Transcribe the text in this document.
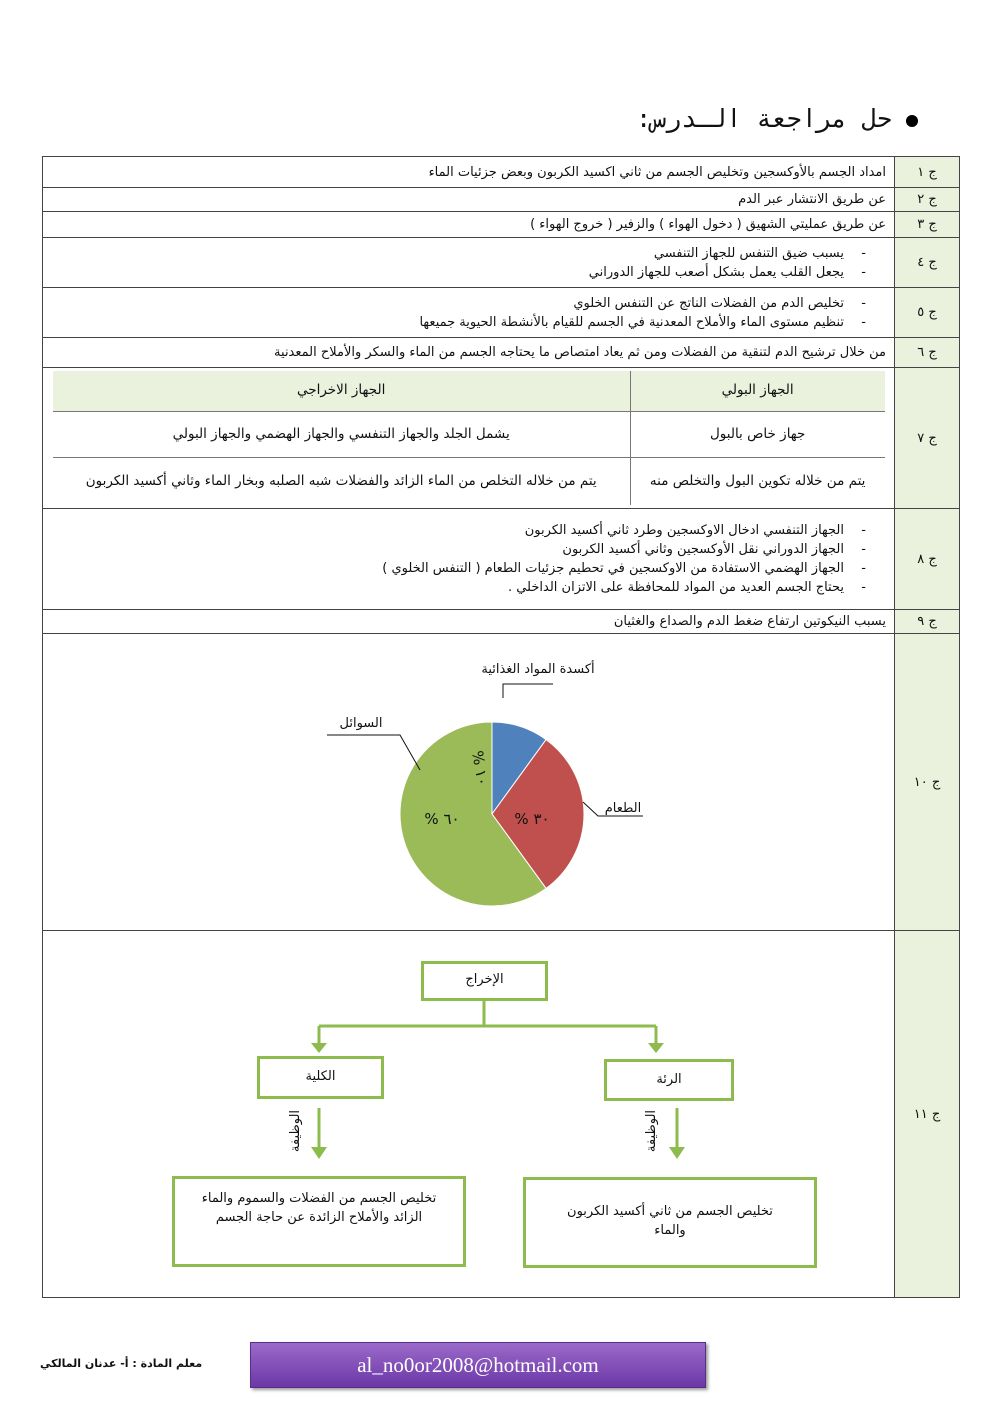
حل مراجعة الـدرس:
ج ١	امداد الجسم بالأوكسجين وتخليص الجسم من ثاني اكسيد الكربون وبعض جزئيات الماء
ج ٢	عن طريق الانتشار عبر الدم
ج ٣	عن طريق عمليتي الشهيق ( دخول الهواء ) والزفير ( خروج الهواء )
ج ٤	
- يسبب ضيق التنفس للجهاز التنفسي
- يجعل القلب يعمل بشكل أصعب للجهاز الدوراني

ج ٥	
- تخليص الدم من الفضلات الناتج عن التنفس الخلوي
- تنظيم مستوى الماء والأملاح المعدنية في الجسم للقيام بالأنشطة الحيوية جميعها

ج ٦	من خلال ترشيح الدم لتنقية من الفضلات ومن ثم يعاد امتصاص ما يحتاجه الجسم من الماء والسكر والأملاح المعدنية
ج ٧	
الجهاز البولي	الجهاز الاخراجي
جهاز خاص بالبول	يشمل الجلد والجهاز التنفسي والجهاز الهضمي والجهاز البولي
يتم من خلاله تكوين البول والتخلص منه	يتم من خلاله التخلص من الماء الزائد والفضلات شبه الصلبه وبخار الماء وثاني أكسيد الكربون

ج ٨	
- الجهاز التنفسي ادخال الاوكسجين وطرد ثاني أكسيد الكربون
- الجهاز الدوراني نقل الأوكسجين وثاني أكسيد الكربون
- الجهاز الهضمي الاستفادة من الاوكسجين في تحطيم جزئيات الطعام ( التنفس الخلوي )
- يحتاج الجسم العديد من المواد للمحافظة على الاتزان الداخلي .

ج ٩	يسبب النيكوتين ارتفاع ضغط الدم والصداع والغثيان
ج ١٠	
١٠ %
أكسدة المواد الغذائية
٣٠ %
الطعام
٦٠ %
السوائل

ج ١١	
الوظيفة	الوظيفة
الإخراج
الكلية	الرئة
تخليص الجسم من الفضلات والسموم والماء الزائد والأملاح الزائدة عن حاجة الجسم	تخليص الجسم من ثاني أكسيد الكربون والماء
معلم المادة : أ- عدنان المالكي	al_no0or2008@hotmail.com
